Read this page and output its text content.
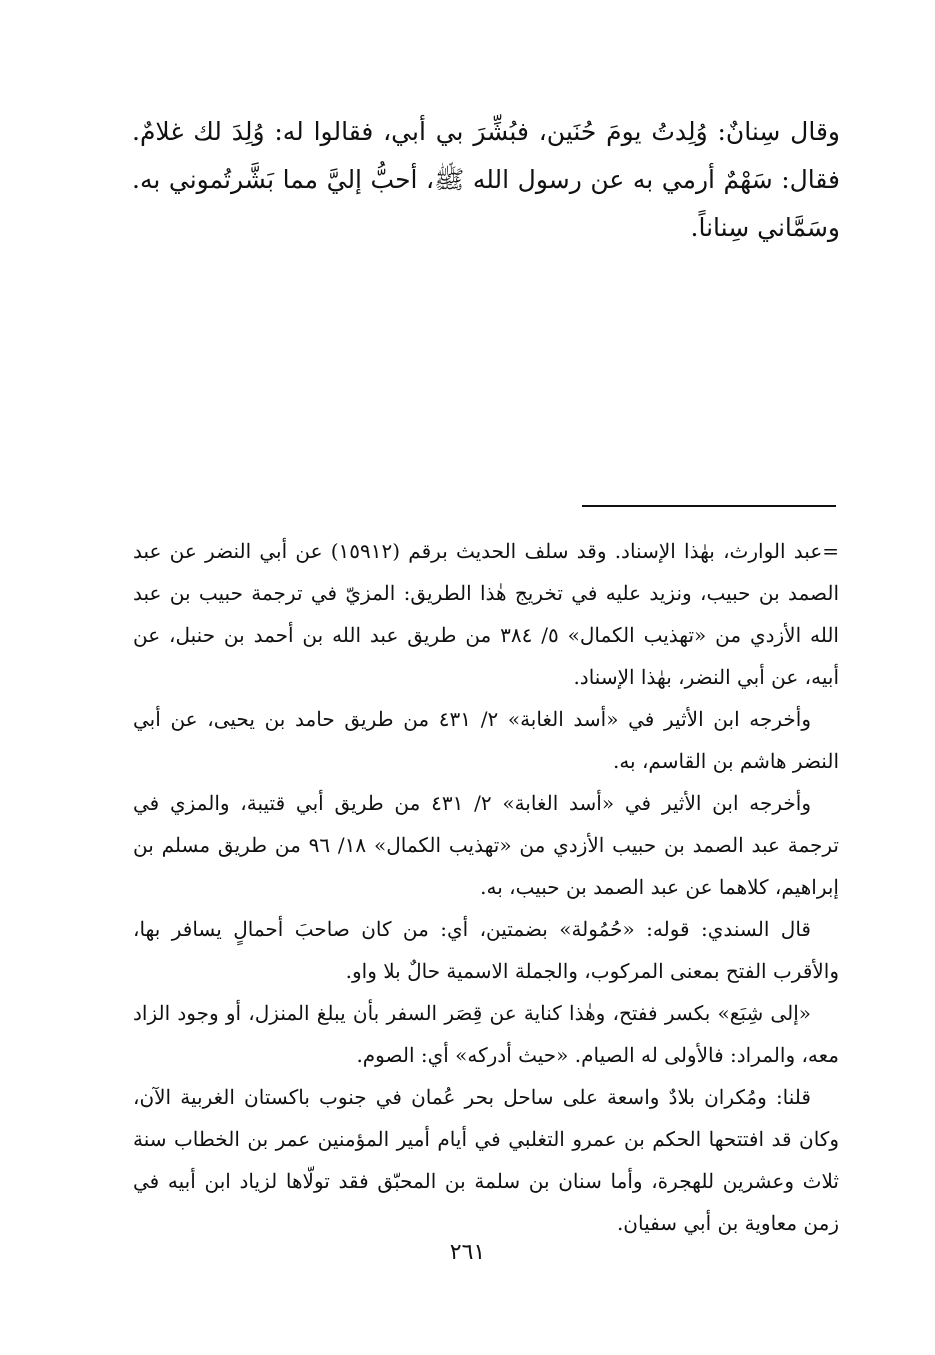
وقال سِنانٌ: وُلِدتُ يومَ حُنَين، فبُشِّرَ بي أبي، فقالوا له: وُلِدَ لك غلامٌ. فقال: سَهْمٌ أرمي به عن رسول الله ﷺ، أحبُّ إليَّ مما بَشَّرتُموني به. وسَمَّاني سِناناً.

=عبد الوارث، بهٰذا الإسناد. وقد سلف الحديث برقم (١٥٩١٢) عن أبي النضر عن عبد الصمد بن حبيب، ونزيد عليه في تخريج هٰذا الطريق: المزيّ في ترجمة حبيب بن عبد الله الأزدي من «تهذيب الكمال» ٥/ ٣٨٤ من طريق عبد الله بن أحمد بن حنبل، عن أبيه، عن أبي النضر، بهٰذا الإسناد.

وأخرجه ابن الأثير في «أسد الغابة» ٢/ ٤٣١ من طريق حامد بن يحيى، عن أبي النضر هاشم بن القاسم، به.

وأخرجه ابن الأثير في «أسد الغابة» ٢/ ٤٣١ من طريق أبي قتيبة، والمزي في ترجمة عبد الصمد بن حبيب الأزدي من «تهذيب الكمال» ١٨/ ٩٦ من طريق مسلم بن إبراهيم، كلاهما عن عبد الصمد بن حبيب، به.

قال السندي: قوله: «حُمُولة» بضمتين، أي: من كان صاحبَ أحمالٍ يسافر بها، والأقرب الفتح بمعنى المركوب، والجملة الاسمية حالٌ بلا واو.

«إلى شِبَع» بكسر ففتح، وهٰذا كناية عن قِصَر السفر بأن يبلغ المنزل، أو وجود الزاد معه، والمراد: فالأولى له الصيام. «حيث أدركه» أي: الصوم.

قلنا: ومُكران بلادٌ واسعة على ساحل بحر عُمان في جنوب باكستان الغربية الآن، وكان قد افتتحها الحكم بن عمرو التغلبي في أيام أمير المؤمنين عمر بن الخطاب سنة ثلاث وعشرين للهجرة، وأما سنان بن سلمة بن المحبّق فقد تولّاها لزياد ابن أبيه في زمن معاوية بن أبي سفيان.

٢٦١
